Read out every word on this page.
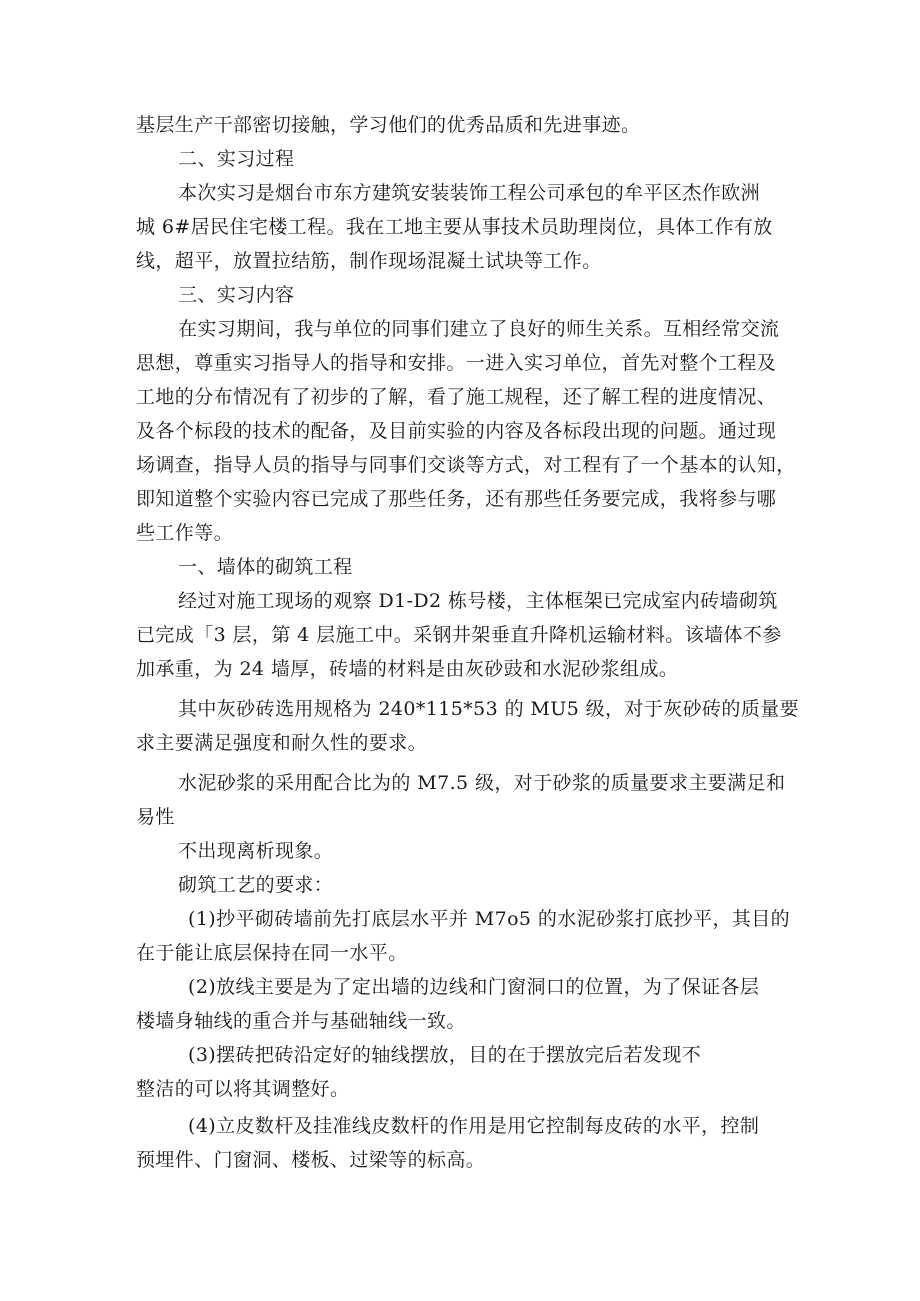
基层生产干部密切接触，学习他们的优秀品质和先进事迹。
二、实习过程
本次实习是烟台市东方建筑安装装饰工程公司承包的牟平区杰作欧洲
城 6#居民住宅楼工程。我在工地主要从事技术员助理岗位，具体工作有放
线，超平，放置拉结筋，制作现场混凝土试块等工作。
三、实习内容
在实习期间，我与单位的同事们建立了良好的师生关系。互相经常交流
思想，尊重实习指导人的指导和安排。一进入实习单位，首先对整个工程及
工地的分布情况有了初步的了解，看了施工规程，还了解工程的进度情况、
及各个标段的技术的配备，及目前实验的内容及各标段出现的问题。通过现
场调查，指导人员的指导与同事们交谈等方式，对工程有了一个基本的认知，
即知道整个实验内容已完成了那些任务，还有那些任务要完成，我将参与哪
些工作等。
一、墙体的砌筑工程
经过对施工现场的观察 D1-D2 栋号楼，主体框架已完成室内砖墙砌筑
已完成「3 层，第 4 层施工中。采钢井架垂直升降机运输材料。该墙体不参
加承重，为 24 墙厚，砖墙的材料是由灰砂豉和水泥砂浆组成。
其中灰砂砖选用规格为 240*115*53 的 MU5 级，对于灰砂砖的质量要
求主要满足强度和耐久性的要求。
水泥砂浆的采用配合比为的 M7.5 级，对于砂浆的质量要求主要满足和
易性
不出现离析现象。
砌筑工艺的要求：
(1)抄平砌砖墙前先打底层水平并 M7o5 的水泥砂浆打底抄平，其目的
在于能让底层保持在同一水平。
(2)放线主要是为了定出墙的边线和门窗洞口的位置，为了保证各层
楼墙身轴线的重合并与基础轴线一致。
(3)摆砖把砖沿定好的轴线摆放，目的在于摆放完后若发现不
整洁的可以将其调整好。
(4)立皮数杆及挂准线皮数杆的作用是用它控制每皮砖的水平，控制
预埋件、门窗洞、楼板、过梁等的标高。
